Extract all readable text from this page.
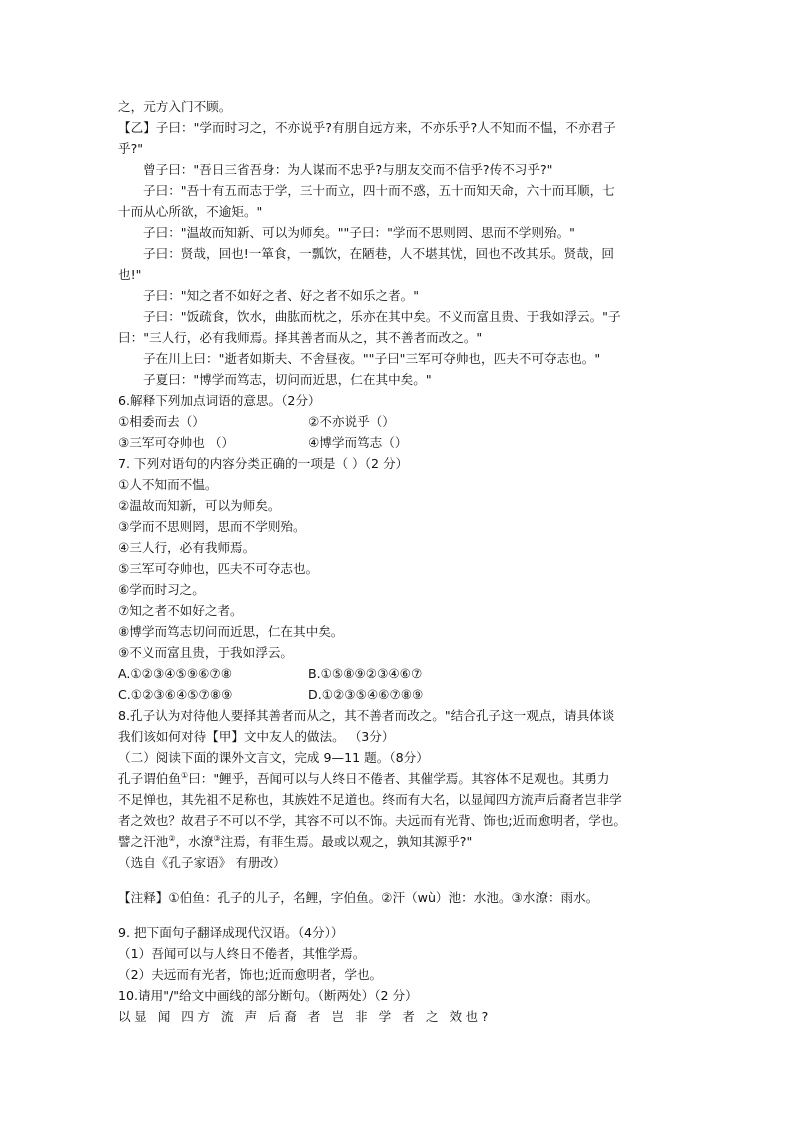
之，元方入门不顾。
【乙】子曰："学而时习之，不亦说乎?有朋自远方来，不亦乐乎?人不知而不愠，不亦君子
乎?"
曾子曰："吾日三省吾身：为人谋而不忠乎?与朋友交而不信乎?传不习乎?"
子曰："吾十有五而志于学，三十而立，四十而不惑，五十而知天命，六十而耳顺，七
十而从心所欲，不逾矩。"
子曰："温故而知新、可以为师矣。""子曰："学而不思则罔、思而不学则殆。"
子曰：贤哉，回也!一箪食，一瓢饮，在陋巷，人不堪其忧，回也不改其乐。贤哉，回
也!"
子曰："知之者不如好之者、好之者不如乐之者。"
子曰："饭疏食，饮水，曲肱而枕之，乐亦在其中矣。不义而富且贵、于我如浮云。"子
曰："三人行，必有我师焉。择其善者而从之，其不善者而改之。"
子在川上曰："逝者如斯夫、不舍昼夜。""子曰"三军可夺帅也，匹夫不可夺志也。"
子夏曰："博学而笃志，切问而近思，仁在其中矣。"
6.解释下列加点词语的意思。（2分）
①相委而去（）	②不亦说乎（）
③三军可夺帅也 （）	④博学而笃志（）
7. 下列对语句的内容分类正确的一项是（ ）（2 分）
①人不知而不愠。
②温故而知新，可以为师矣。
③学而不思则罔，思而不学则殆。
④三人行，必有我师焉。
⑤三军可夺帅也，匹夫不可夺志也。
⑥学而时习之。
⑦知之者不如好之者。
⑧博学而笃志切问而近思，仁在其中矣。
⑨不义而富且贵，于我如浮云。
A.①②③④⑤⑨⑥⑦⑧	B.①⑤⑧⑨②③④⑥⑦
C.①②③⑥④⑤⑦⑧⑨	D.①②③⑤④⑥⑦⑧⑨
8.孔子认为对待他人要择其善者而从之，其不善者而改之。"结合孔子这一观点，请具体谈
我们该如何对待【甲】文中友人的做法。 （3分）
（二）阅读下面的课外文言文，完成 9—11 题。（8分）
孔子谓伯鱼①曰："鲤乎，吾闻可以与人终日不倦者、其催学焉。其容体不足观也。其勇力
不足惮也，其先祖不足称也，其族姓不足道也。终而有大名，以显闻四方流声后裔者岂非学
者之效也？故君子不可以不学，其容不可以不饰。夫远而有光背、饰也;近而愈明者，学也。
譬之汗池②，水潦③注焉，有菲生焉。最或以观之，孰知其源乎?"
（选自《孔子家语》 有册改）
【注释】①伯鱼：孔子的儿子，名鲤，字伯鱼。②汗（wù）池：水池。③水潦：雨水。
9. 把下面句子翻译成现代汉语。（4分））
（1）吾闻可以与人终日不倦者，其惟学焉。
（2）夫远而有光者，饰也;近而愈明者，学也。
10.请用"/"给文中画线的部分断句。（断两处）（2 分）
以显 闻 四方 流 声 后裔 者 岂 非 学 者 之 效也?
